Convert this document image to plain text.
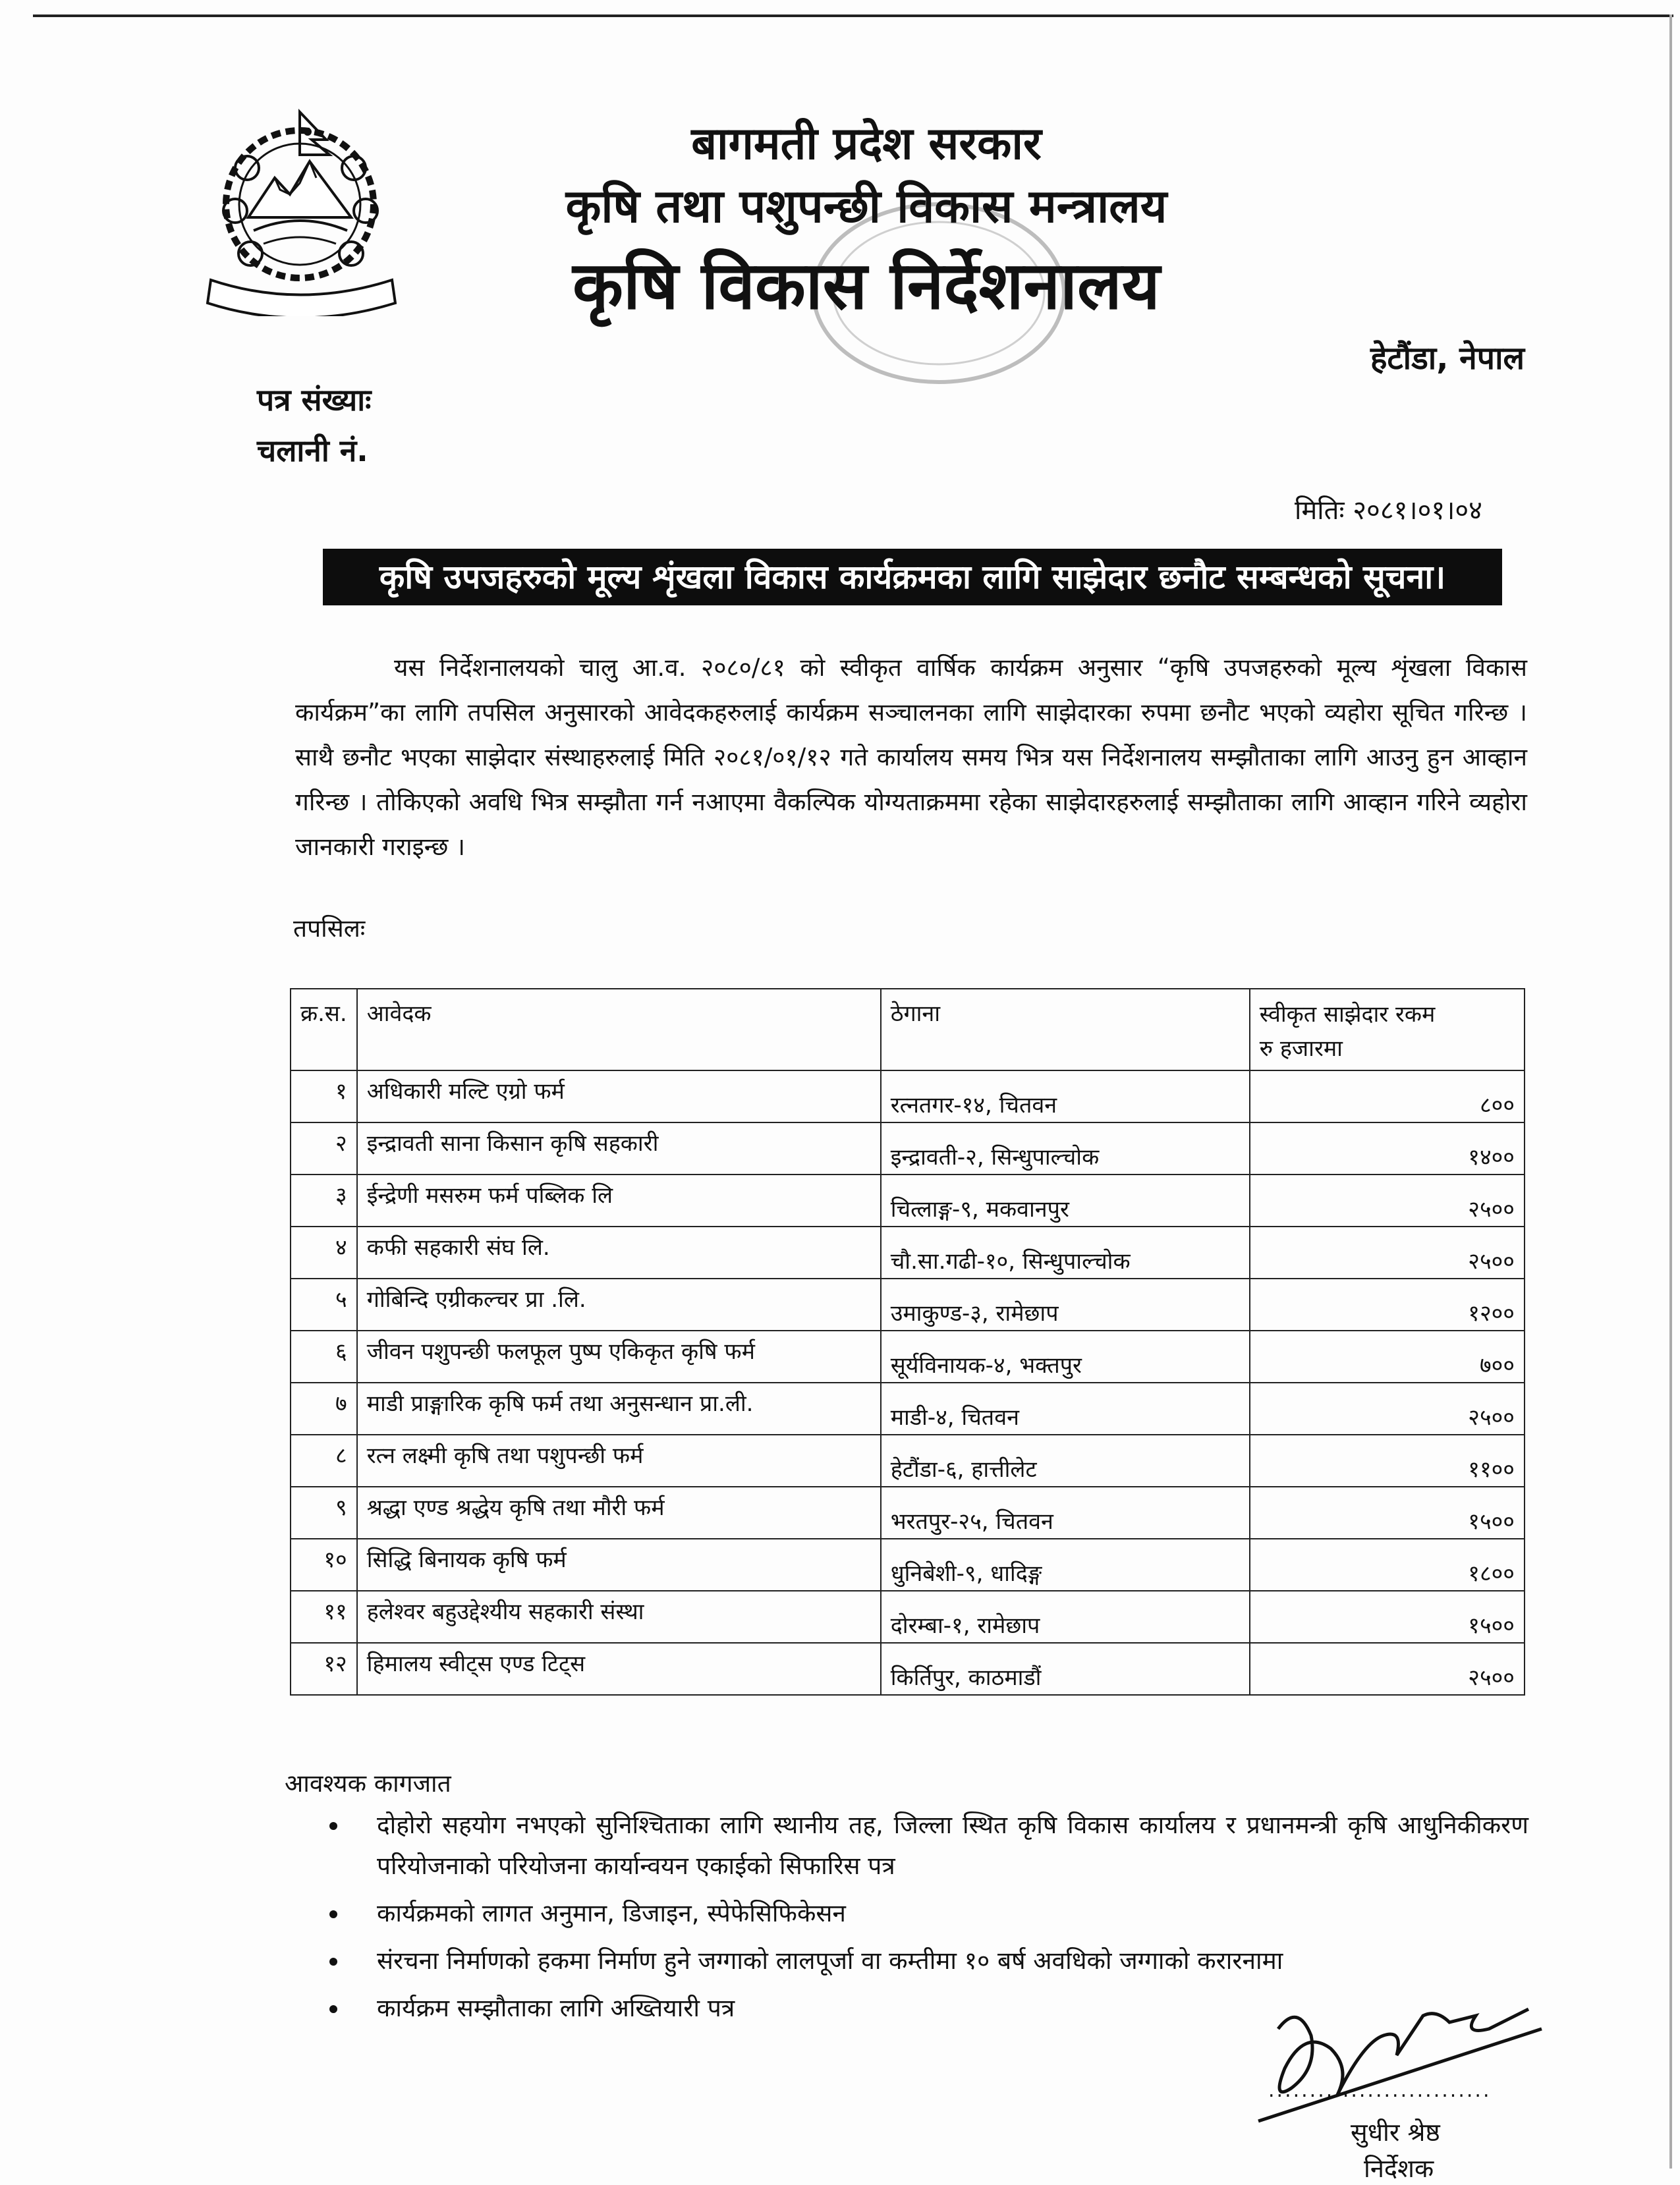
बागमती प्रदेश सरकार
कृषि तथा पशुपन्छी विकास मन्त्रालय
कृषि विकास निर्देशनालय
हेटौंडा, नेपाल
पत्र संख्याः
चलानी नं.
मितिः २०८१।०१।०४
कृषि उपजहरुको मूल्य शृंखला विकास कार्यक्रमका लागि साझेदार छनौट सम्बन्धको सूचना।
यस निर्देशनालयको चालु आ.व. २०८०/८१ को स्वीकृत वार्षिक कार्यक्रम अनुसार “कृषि उपजहरुको मूल्य शृंखला विकास कार्यक्रम”का लागि तपसिल अनुसारको आवेदकहरुलाई कार्यक्रम सञ्चालनका लागि साझेदारका रुपमा छनौट भएको व्यहोरा सूचित गरिन्छ । साथै छनौट भएका साझेदार संस्थाहरुलाई मिति २०८१/०१/१२ गते कार्यालय समय भित्र यस निर्देशनालय सम्झौताका लागि आउनु हुन आव्हान गरिन्छ । तोकिएको अवधि भित्र सम्झौता गर्न नआएमा वैकल्पिक योग्यताक्रममा रहेका साझेदारहरुलाई सम्झौताका लागि आव्हान गरिने व्यहोरा जानकारी गराइन्छ ।
तपसिलः
क्र.स.	आवेदक	ठेगाना	स्वीकृत साझेदार रकम
रु हजारमा
१	अधिकारी मल्टि एग्रो फर्म	रत्नतगर-१४, चितवन	८००
२	इन्द्रावती साना किसान कृषि सहकारी	इन्द्रावती-२, सिन्धुपाल्चोक	१४००
३	ईन्द्रेणी मसरुम फर्म पब्लिक लि	चित्लाङ्ग-९, मकवानपुर	२५००
४	कफी सहकारी संघ लि.	चौ.सा.गढी-१०, सिन्धुपाल्चोक	२५००
५	गोबिन्दि एग्रीकल्चर प्रा .लि.	उमाकुण्ड-३, रामेछाप	१२००
६	जीवन पशुपन्छी फलफूल पुष्प एकिकृत कृषि फर्म	सूर्यविनायक-४, भक्तपुर	७००
७	माडी प्राङ्गारिक कृषि फर्म तथा अनुसन्धान प्रा.ली.	माडी-४, चितवन	२५००
८	रत्न लक्ष्मी कृषि तथा पशुपन्छी फर्म	हेटौंडा-६, हात्तीलेट	११००
९	श्रद्धा एण्ड श्रद्धेय कृषि तथा मौरी फर्म	भरतपुर-२५, चितवन	१५००
१०	सिद्धि बिनायक कृषि फर्म	धुनिबेशी-९, धादिङ्ग	१८००
११	हलेश्वर बहुउद्देश्यीय सहकारी संस्था	दोरम्बा-१, रामेछाप	१५००
१२	हिमालय स्वीट्स एण्ड टिट्स	किर्तिपुर, काठमाडौं	२५००
आवश्यक कागजात
दोहोरो सहयोग नभएको सुनिश्चिताका लागि स्थानीय तह, जिल्ला स्थित कृषि विकास कार्यालय र प्रधानमन्त्री कृषि आधुनिकीकरण परियोजनाको परियोजना कार्यान्वयन एकाईको सिफारिस पत्र
कार्यक्रमको लागत अनुमान, डिजाइन, स्पेफेसिफिकेसन
संरचना निर्माणको हकमा निर्माण हुने जग्गाको लालपूर्जा वा कम्तीमा १० बर्ष अवधिको जग्गाको करारनामा
कार्यक्रम सम्झौताका लागि अख्तियारी पत्र
...........................
सुधीर श्रेष्ठ
निर्देशक
